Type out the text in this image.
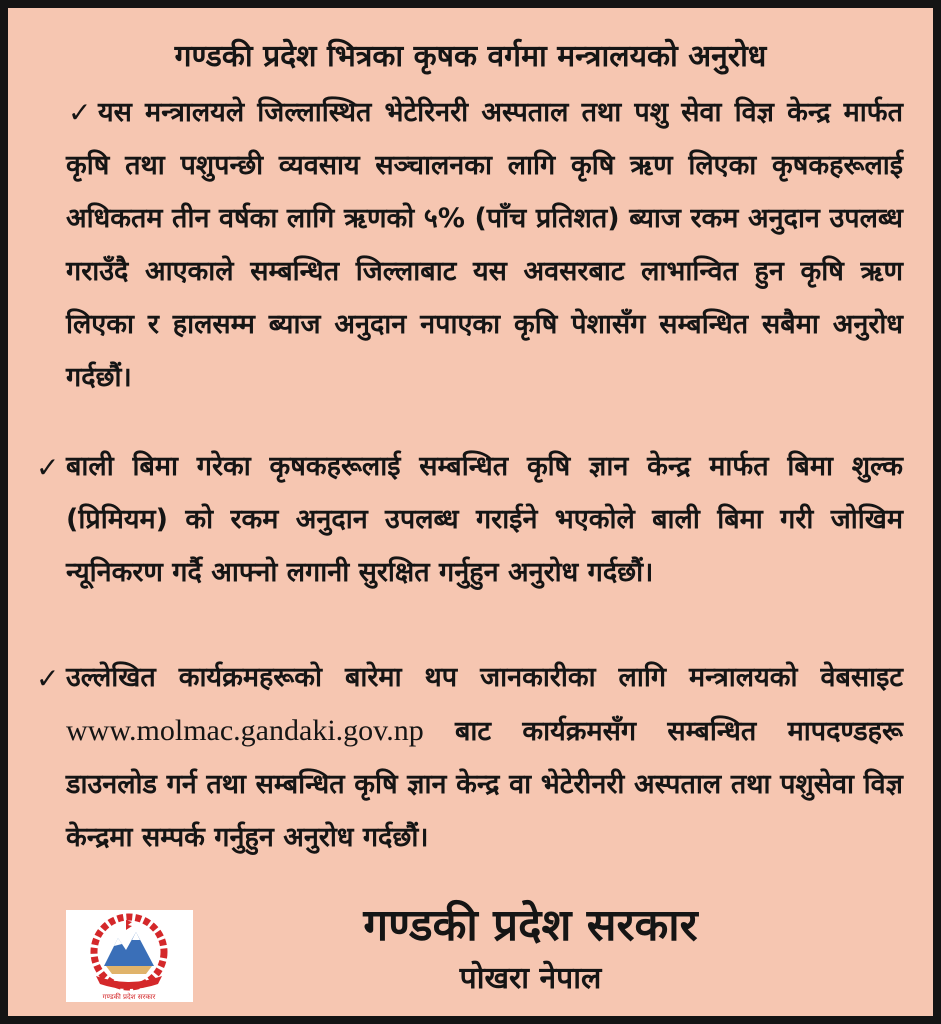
गण्डकी प्रदेश भित्रका कृषक वर्गमा मन्त्रालयको अनुरोध
✓ यस मन्त्रालयले जिल्लास्थित भेटेरिनरी अस्पताल तथा पशु सेवा विज्ञ केन्द्र मार्फत कृषि तथा पशुपन्छी व्यवसाय सञ्चालनका लागि कृषि ऋण लिएका कृषकहरूलाई अधिकतम तीन वर्षका लागि ऋणको ५% (पाँच प्रतिशत) ब्याज रकम अनुदान उपलब्ध गराउँदै आएकाले सम्बन्धित जिल्लाबाट यस अवसरबाट लाभान्वित हुन कृषि ऋण लिएका र हालसम्म ब्याज अनुदान नपाएका कृषि पेशासँग सम्बन्धित सबैमा अनुरोध गर्दछौं।
✓ बाली बिमा गरेका कृषकहरूलाई सम्बन्धित कृषि ज्ञान केन्द्र मार्फत बिमा शुल्क (प्रिमियम) को रकम अनुदान उपलब्ध गराईने भएकोले बाली बिमा गरी जोखिम न्यूनिकरण गर्दै आफ्नो लगानी सुरक्षित गर्नुहुन अनुरोध गर्दछौं।
✓ उल्लेखित कार्यक्रमहरूको बारेमा थप जानकारीका लागि मन्त्रालयको वेबसाइट www.molmac.gandaki.gov.np बाट कार्यक्रमसँग सम्बन्धित मापदण्डहरू डाउनलोड गर्न तथा सम्बन्धित कृषि ज्ञान केन्द्र वा भेटेरीनरी अस्पताल तथा पशुसेवा विज्ञ केन्द्रमा सम्पर्क गर्नुहुन अनुरोध गर्दछौं।
गण्डकी प्रदेश सरकार
गण्डकी प्रदेश सरकार
पोखरा नेपाल
